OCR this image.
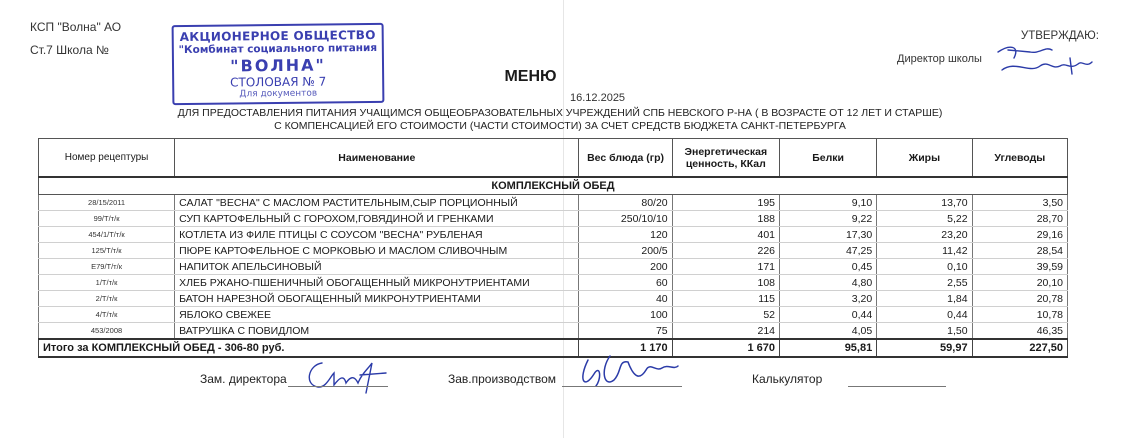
КСП "Волна" АО
Ст.7 Школа №
АКЦИОНЕРНОЕ ОБЩЕСТВО
"Комбинат социального питания
"ВОЛНА"
СТОЛОВАЯ № 7
Для документов
УТВЕРЖДАЮ:
Директор школы
МЕНЮ
16.12.2025
ДЛЯ ПРЕДОСТАВЛЕНИЯ ПИТАНИЯ УЧАЩИМСЯ ОБЩЕОБРАЗОВАТЕЛЬНЫХ УЧРЕЖДЕНИЙ СПБ НЕВСКОГО Р-НА ( В ВОЗРАСТЕ ОТ 12 ЛЕТ И СТАРШЕ)
С КОМПЕНСАЦИЕЙ ЕГО СТОИМОСТИ (ЧАСТИ СТОИМОСТИ) ЗА СЧЕТ СРЕДСТВ БЮДЖЕТА САНКТ-ПЕТЕРБУРГА
Номер рецептуры	Наименование	Вес блюда (гр)	Энергетическая ценность, ККал	Белки	Жиры	Углеводы
КОМПЛЕКСНЫЙ ОБЕД						
28/15/2011	САЛАТ "ВЕСНА" С МАСЛОМ РАСТИТЕЛЬНЫМ,СЫР ПОРЦИОННЫЙ	80/20	195	9,10	13,70	3,50
99/Т/т/к	СУП КАРТОФЕЛЬНЫЙ С ГОРОХОМ,ГОВЯДИНОЙ И ГРЕНКАМИ	250/10/10	188	9,22	5,22	28,70
454/1/Т/т/к	КОТЛЕТА ИЗ ФИЛЕ ПТИЦЫ С СОУСОМ "ВЕСНА" РУБЛЕНАЯ	120	401	17,30	23,20	29,16
125/Т/т/к	ПЮРЕ КАРТОФЕЛЬНОЕ С МОРКОВЬЮ И МАСЛОМ СЛИВОЧНЫМ	200/5	226	47,25	11,42	28,54
Е79/Т/т/к	НАПИТОК АПЕЛЬСИНОВЫЙ	200	171	0,45	0,10	39,59
1/Т/т/к	ХЛЕБ РЖАНО-ПШЕНИЧНЫЙ ОБОГАЩЕННЫЙ МИКРОНУТРИЕНТАМИ	60	108	4,80	2,55	20,10
2/Т/т/к	БАТОН НАРЕЗНОЙ ОБОГАЩЕННЫЙ МИКРОНУТРИЕНТАМИ	40	115	3,20	1,84	20,78
4/Т/т/к	ЯБЛОКО СВЕЖЕЕ	100	52	0,44	0,44	10,78
453/2008	ВАТРУШКА С ПОВИДЛОМ	75	214	4,05	1,50	46,35
Итого за КОМПЛЕКСНЫЙ ОБЕД - 306-80 руб.		1 170	1 670	95,81	59,97	227,50
Зам. директора	Зав.производством	Калькулятор
